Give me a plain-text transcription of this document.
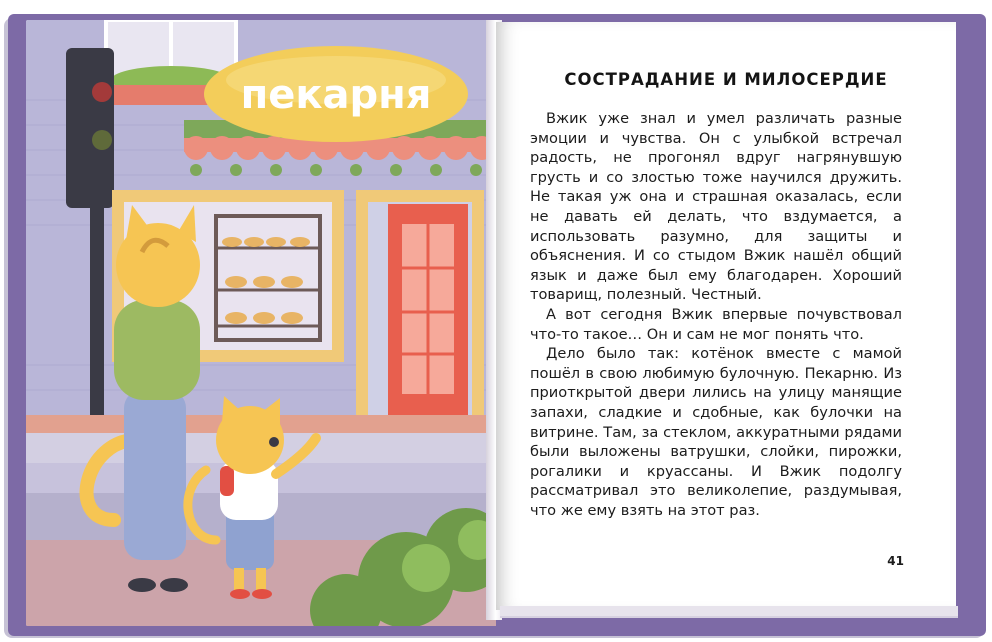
пекарня	СОСТРАДАНИЕ И МИЛОСЕРДИЕ

Вжик уже знал и умел различать разные эмоции и чувства. Он с улыбкой встречал радость, не прогонял вдруг нагрянувшую грусть и со злостью тоже научился дружить. Не такая уж она и страшная оказалась, если не давать ей делать, что вздумается, а использовать разумно, для защиты и объяснения. И со стыдом Вжик нашёл общий язык и даже был ему благодарен. Хороший товарищ, полезный. Честный.

А вот сегодня Вжик впервые почувствовал что-то такое… Он и сам не мог понять что.

Дело было так: котёнок вместе с мамой пошёл в свою любимую булочную. Пекарню. Из приоткрытой двери лились на улицу манящие запахи, сладкие и сдобные, как булочки на витрине. Там, за стеклом, аккуратными рядами были выложены ватрушки, слойки, пирожки, рогалики и круассаны. И Вжик подолгу рассматривал это великолепие, раздумывая, что же ему взять на этот раз.

41
